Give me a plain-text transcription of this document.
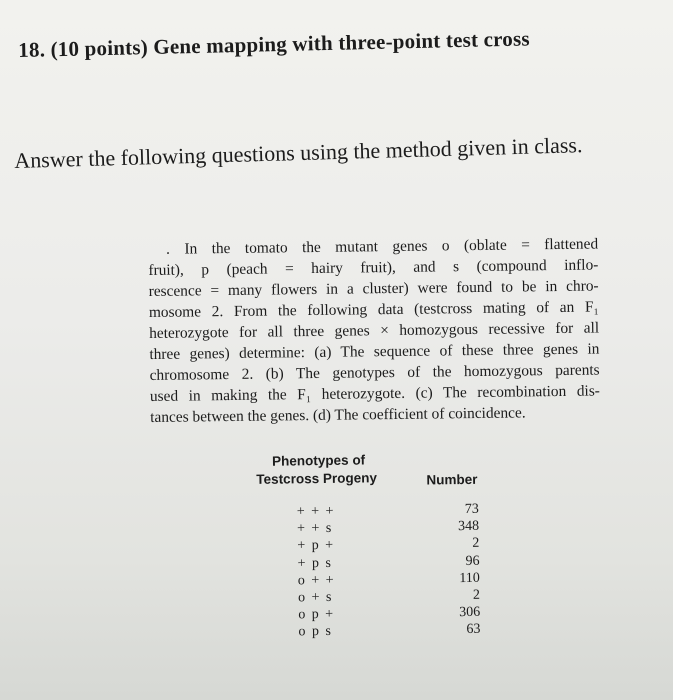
18. (10 points) Gene mapping with three-point test cross
Answer the following questions using the method given in class.
. In the tomato the mutant genes o (oblate = flattened
fruit), p (peach = hairy fruit), and s (compound inflo-
rescence = many flowers in a cluster) were found to be in chro-
mosome 2. From the following data (testcross mating of an F₁
heterozygote for all three genes × homozygous recessive for all
three genes) determine: (a) The sequence of these three genes in
chromosome 2. (b) The genotypes of the homozygous parents
used in making the F₁ heterozygote. (c) The recombination dis-
tances between the genes. (d) The coefficient of coincidence.
Phenotypes of
Testcross Progeny	Number
+ + +	73
+ + s	348
+ p +	2
+ p s	96
o + +	110
o + s	2
o p +	306
o p s	63
